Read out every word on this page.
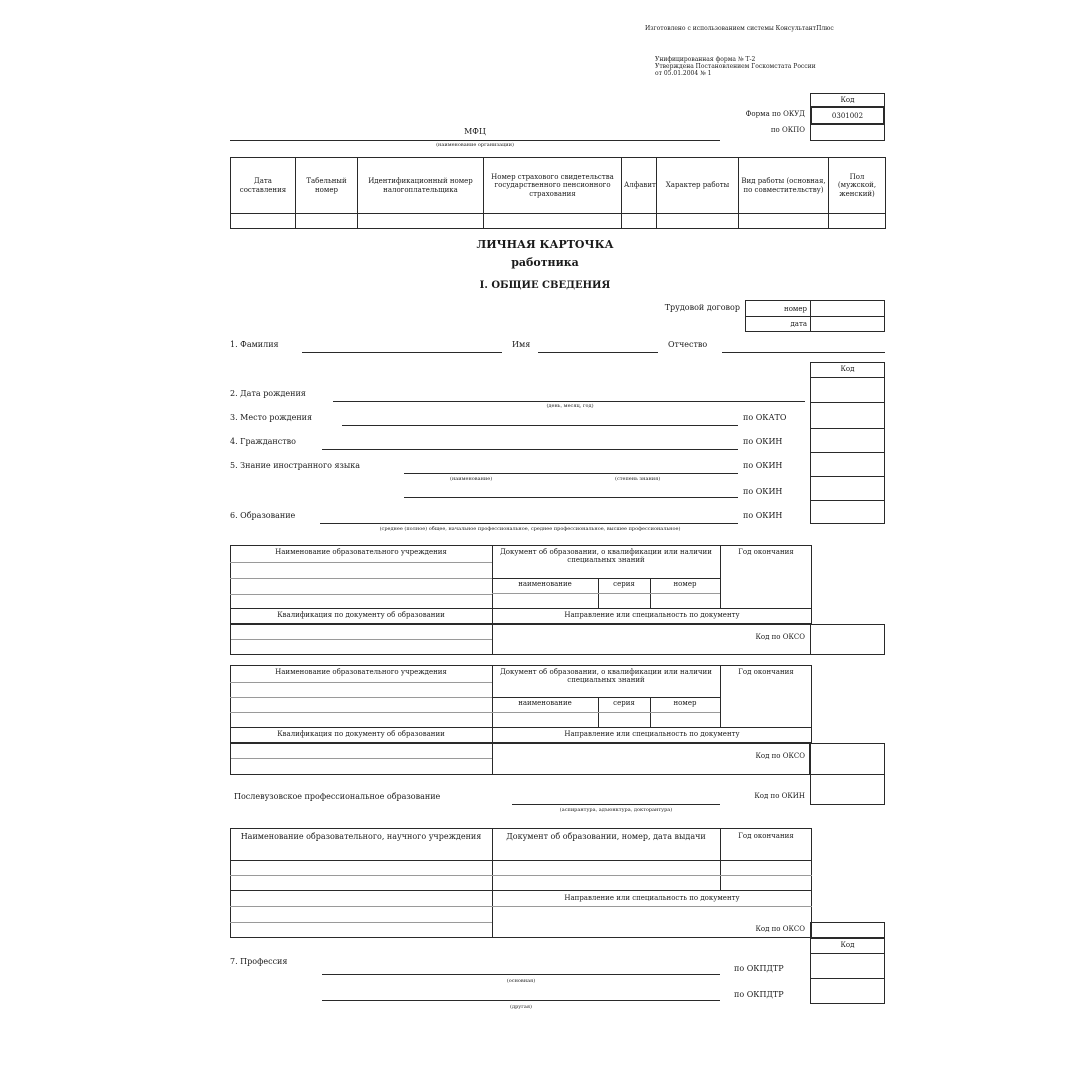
Изготовлено с использованием системы КонсультантПлюс
Унифицированная форма № Т-2
Утверждена Постановлением Госкомстата России
от 05.01.2004 № 1
Код
0301002
Форма по ОКУД
по ОКПО
МФЦ
(наименование организации)
Дата составления	Табельный номер	Идентификационный номер налогоплательщика	Номер страхового свидетельства государственного пенсионного страхования	Алфавит	Характер работы	Вид работы (основная, по совместительству)	Пол (мужской, женский)

ЛИЧНАЯ КАРТОЧКА
работника
I. ОБЩИЕ СВЕДЕНИЯ
Трудовой договор	номер
дата
1. Фамилия	Имя	Отчество
Код
2. Дата рождения
(день, месяц, год)
3. Место рождения	по ОКАТО
4. Гражданство	по ОКИН
5. Знание иностранного языка
(наименование)	(степень знания)
по ОКИН
по ОКИН
6. Образование	по ОКИН
(среднее (полное) общее, начальное профессиональное, среднее профессиональное, высшее профессиональное)
Наименование образовательного учреждения	Документ об образовании, о квалификации или наличии специальных знаний
Год окончания
наименование	серия	номер
Квалификация по документу об образовании	Направление или специальность по документу
Код по ОКСО
Наименование образовательного учреждения	Документ об образовании, о квалификации или наличии специальных знаний
Год окончания
наименование	серия	номер
Квалификация по документу об образовании	Направление или специальность по документу
Код по ОКСО
Послевузовское профессиональное образование
(аспирантура, адъюнктура, докторантура)
Код по ОКИН
Наименование образовательного, научного учреждения	Документ об образовании, номер, дата выдачи	Год окончания
Направление или специальность по документу
Код по ОКСО
Код
7. Профессия
(основная)
по ОКПДТР
(другая)
по ОКПДТР
